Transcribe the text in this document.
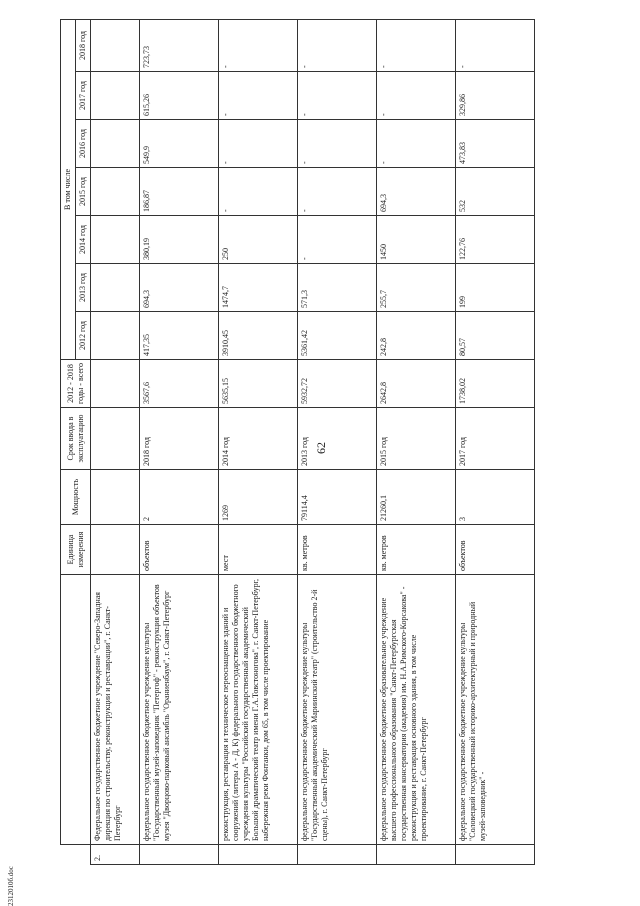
62
2312010б.doc
		Единица измерения	Мощность	Срок ввода в эксплуатацию	2012 - 2018 годы - всего	В том числе						
						2012 год	2013 год	2014 год	2015 год	2016 год	2017 год	2018 год
2.	Федеральное государственное бюджетное учреждение "Северо-Западная дирекция по строительству, реконструкции и реставрации", г. Санкт-Петербург											
	федеральное государственное бюджетное учреждение культуры "Государственный музей-заповедник "Петергоф" - реконструкция объектов музея "Дворцово-парковый ансамбль "Ораниенбаум", г. Санкт-Петербург	объектов	2	2018 год	3567,6	417,35	694,3	380,19	186,87	549,9	615,26	723,73
	реконструкция, реставрация и техническое переоснащение зданий и сооружений (литеры А - Д, К) федерального государственного бюджетного учреждения культуры "Российский государственный академический Большой драматический театр имени Г.А.Товстоногова", г. Санкт-Петербург, набережная реки Фонтанки, дом 65, в том числе проектирование	мест	1269	2014 год	5635,15	3910,45	1474,7	250	-	-	-	-
	федеральное государственное бюджетное учреждение культуры "Государственный академический Мариинский театр" (строительство 2-й сцены), г. Санкт-Петербург	кв. метров	79114,4	2013 год	5932,72	5361,42	571,3	-	-	-	-	-
	федеральное государственное бюджетное образовательное учреждение высшего профессионального образования "Санкт-Петербургская государственная консерватория (академия) им. Н.А.Римского-Корсакова" - реконструкция и реставрация основного здания, в том числе проектирование, г. Санкт-Петербург	кв. метров	21260,1	2015 год	2642,8	242,8	255,7	1450	694,3	-	-	-
	федеральное государственное бюджетное учреждение культуры "Соловецкий государственный историко-архитектурный и природный музей-заповедник" -	объектов	3	2017 год	1738,02	80,57	199	122,76	532	473,83	329,86	-
